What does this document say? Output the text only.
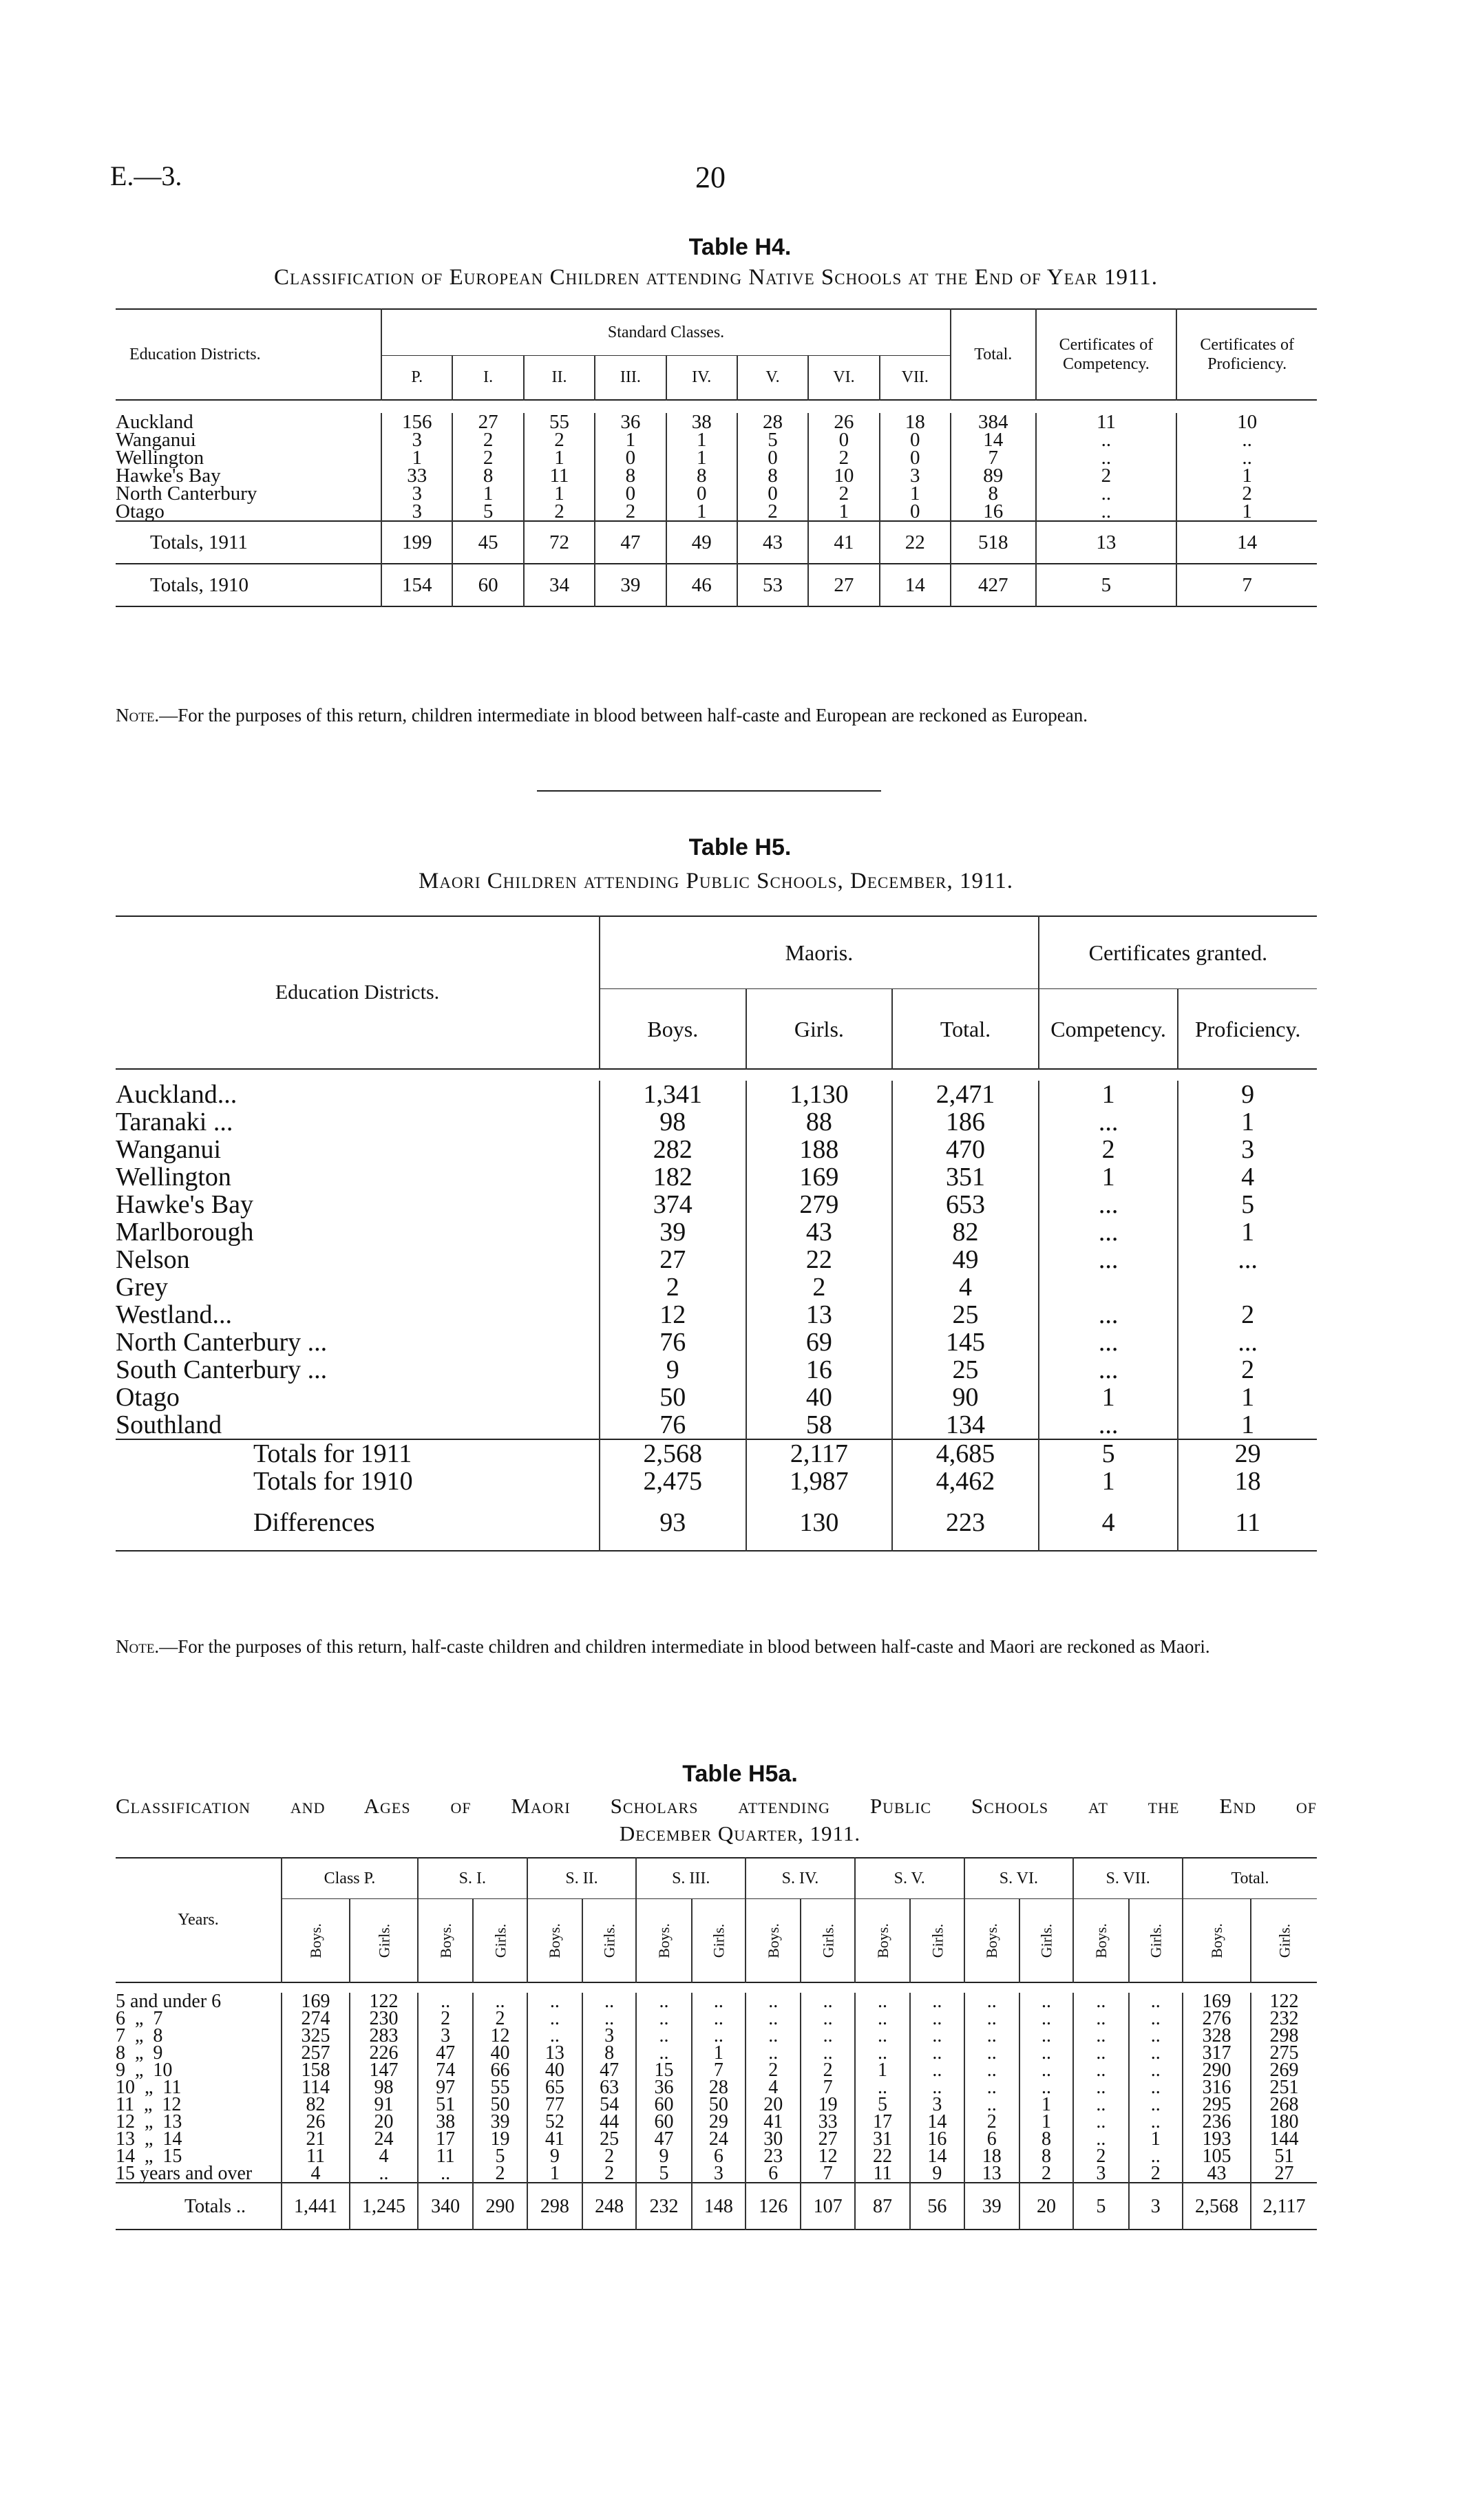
E.—3.	20
Table H4.
Classification of European Children attending Native Schools at the End of Year 1911.
Education Districts.	Standard Classes.								Total.	Certificates of Competency.	Certificates of Proficiency.
	P.	I.	II.	III.	IV.	V.	VI.	VII.			

Auckland	156	27	55	36	38	28	26	18	384	11	10
Wanganui	3	2	2	1	1	5	0	0	14	..	..
Wellington	1	2	1	0	1	0	2	0	7	..	..
Hawke's Bay	33	8	11	8	8	8	10	3	89	2	1
North Canterbury	3	1	1	0	0	0	2	1	8	..	2
Otago	3	5	2	2	1	2	1	0	16	..	1
Totals, 1911	199	45	72	47	49	43	41	22	518	13	14
Totals, 1910	154	60	34	39	46	53	27	14	427	5	7
Note.—For the purposes of this return, children intermediate in blood between half-caste and European are reckoned as European.
Table H5.
Maori Children attending Public Schools, December, 1911.
Education Districts.	Maoris.			Certificates granted.	
	Boys.	Girls.	Total.	Competency.	Proficiency.

Auckland...	1,341	1,130	2,471	1	9
Taranaki ...	98	88	186	...	1
Wanganui	282	188	470	2	3
Wellington	182	169	351	1	4
Hawke's Bay	374	279	653	...	5
Marlborough	39	43	82	...	1
Nelson	27	22	49	...	...
Grey	2	2	4		
Westland...	12	13	25	...	2
North Canterbury ...	76	69	145	...	...
South Canterbury ...	9	16	25	...	2
Otago	50	40	90	1	1
Southland	76	58	134	...	1
Totals for 1911	2,568	2,117	4,685	5	29
Totals for 1910	2,475	1,987	4,462	1	18
Differences	93	130	223	4	11
Note.—For the purposes of this return, half-caste children and children intermediate in blood between half-caste and Maori are reckoned as Maori.
Table H5a.
Classification and Ages of Maori Scholars attending Public Schools at the End of
December Quarter, 1911.
Years.	Class P.		S. I.		S. II.		S. III.		S. IV.		S. V.		S. VI.		S. VII.		Total.	
	Boys.	Girls.	Boys.	Girls.	Boys.	Girls.	Boys.	Girls.	Boys.	Girls.	Boys.	Girls.	Boys.	Girls.	Boys.	Girls.	Boys.	Girls.

5 and under 6	169	122	..	..	..	..	..	..	..	..	..	..	..	..	..	..	169	122
6  „  7	274	230	2	2	..	..	..	..	..	..	..	..	..	..	..	..	276	232
7  „  8	325	283	3	12	..	3	..	..	..	..	..	..	..	..	..	..	328	298
8  „  9	257	226	47	40	13	8	..	1	..	..	..	..	..	..	..	..	317	275
9  „  10	158	147	74	66	40	47	15	7	2	2	1	..	..	..	..	..	290	269
10  „  11	114	98	97	55	65	63	36	28	4	7	..	..	..	..	..	..	316	251
11  „  12	82	91	51	50	77	54	60	50	20	19	5	3	..	1	..	..	295	268
12  „  13	26	20	38	39	52	44	60	29	41	33	17	14	2	1	..	..	236	180
13  „  14	21	24	17	19	41	25	47	24	30	27	31	16	6	8	..	1	193	144
14  „  15	11	4	11	5	9	2	9	6	23	12	22	14	18	8	2	..	105	51
15 years and over	4	..	..	2	1	2	5	3	6	7	11	9	13	2	3	2	43	27
Totals ..	1,441	1,245	340	290	298	248	232	148	126	107	87	56	39	20	5	3	2,568	2,117
